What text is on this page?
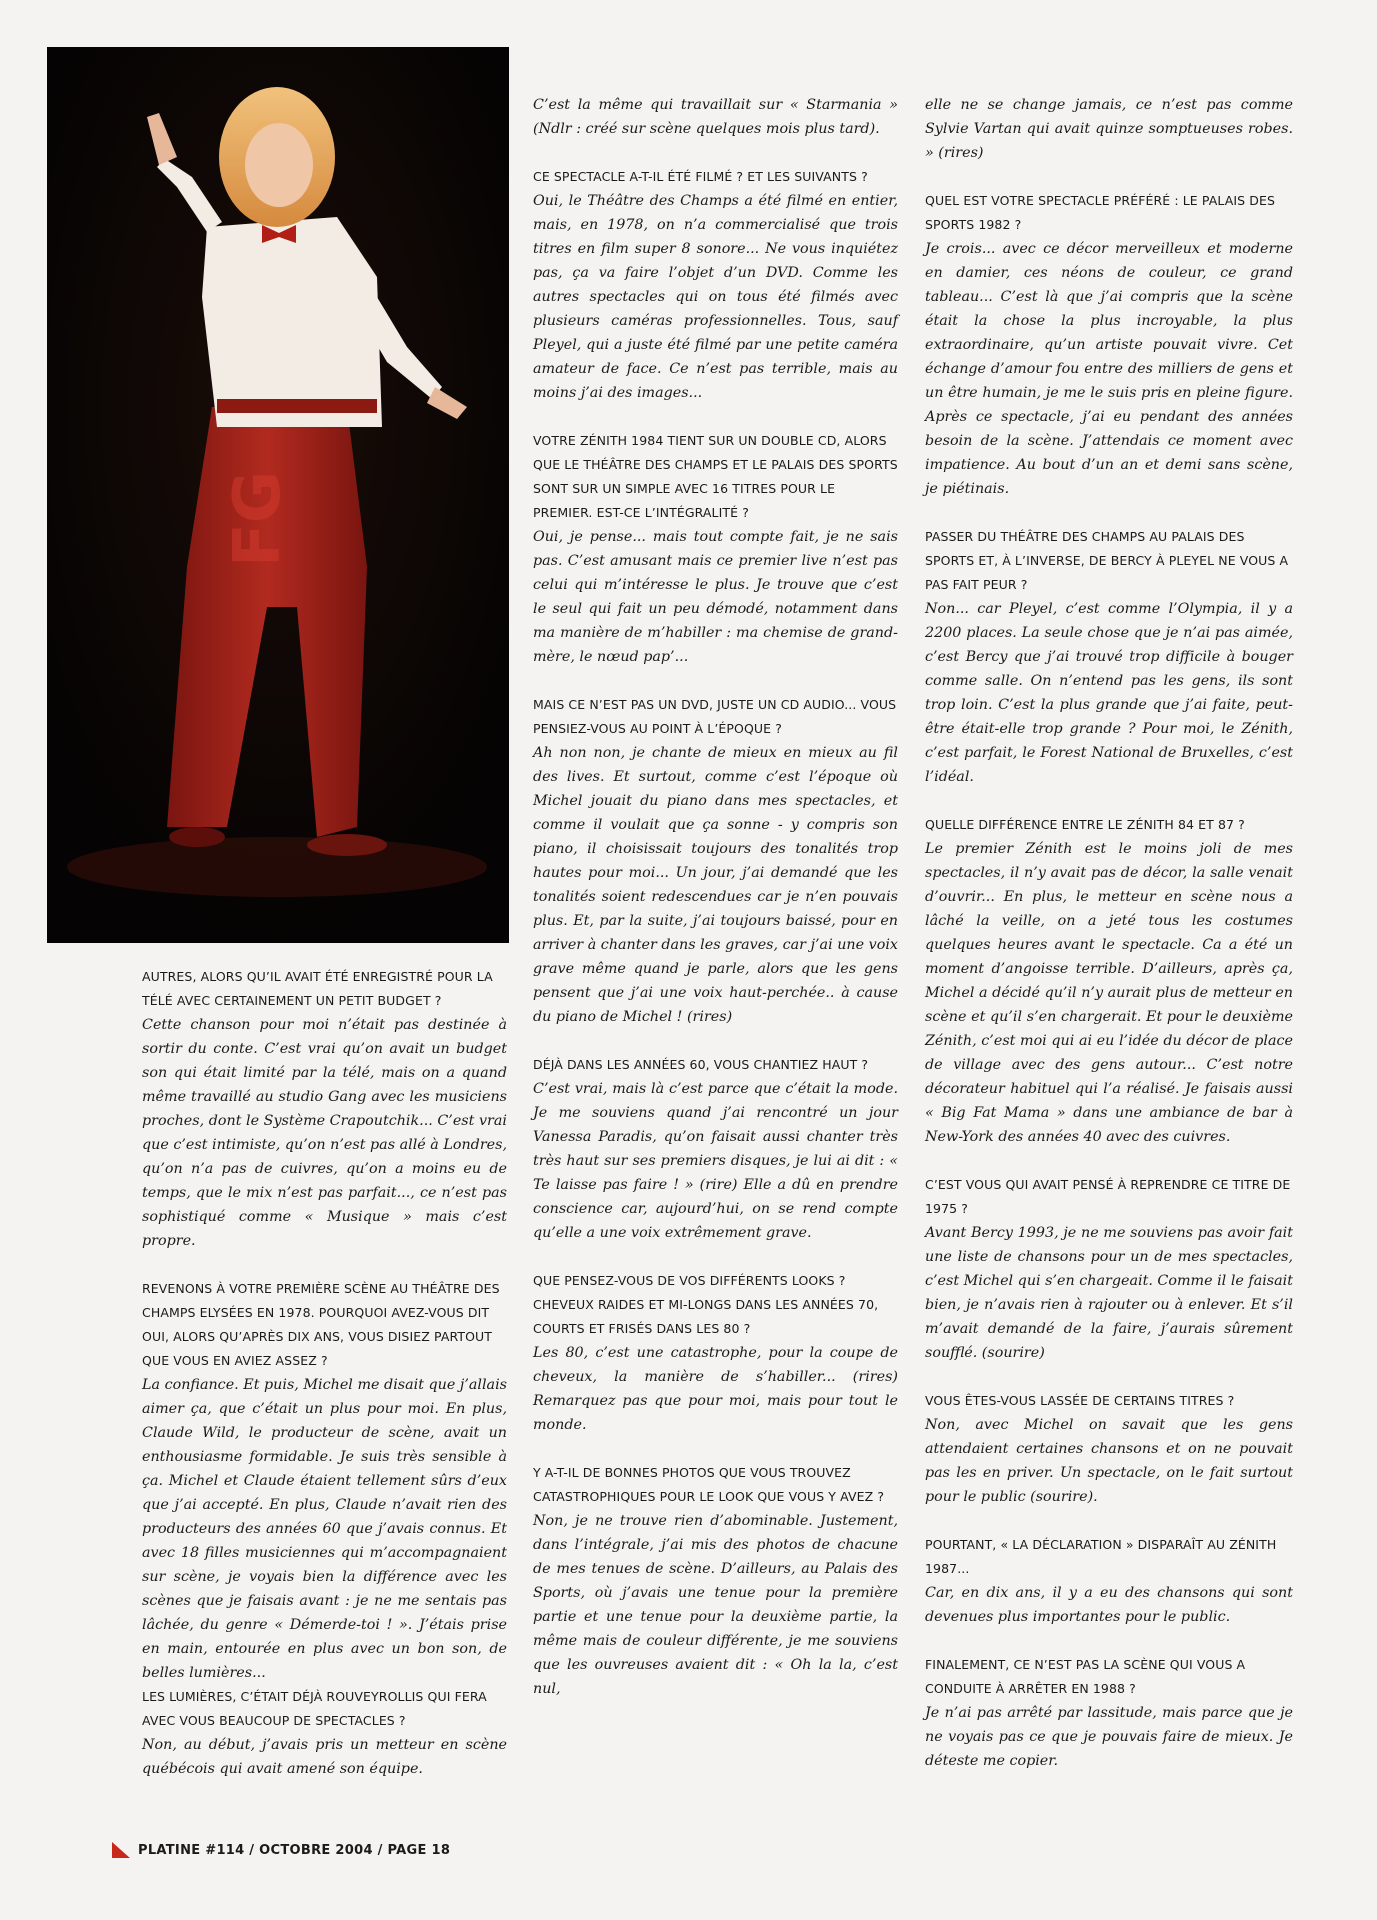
FG

AUTRES, ALORS QU’IL AVAIT ÉTÉ ENREGISTRÉ POUR LA TÉLÉ AVEC CERTAINEMENT UN PETIT BUDGET ?

Cette chanson pour moi n’était pas destinée à sortir du conte. C’est vrai qu’on avait un budget son qui était limité par la télé, mais on a quand même travaillé au studio Gang avec les musiciens proches, dont le Système Crapoutchik... C’est vrai que c’est intimiste, qu’on n’est pas allé à Londres, qu’on n’a pas de cuivres, qu’on a moins eu de temps, que le mix n’est pas parfait..., ce n’est pas sophistiqué comme « Musique » mais c’est propre.

REVENONS À VOTRE PREMIÈRE SCÈNE AU THÉÂTRE DES CHAMPS ELYSÉES EN 1978. POURQUOI AVEZ-VOUS DIT OUI, ALORS QU’APRÈS DIX ANS, VOUS DISIEZ PARTOUT QUE VOUS EN AVIEZ ASSEZ ?

La confiance. Et puis, Michel me disait que j’allais aimer ça, que c’était un plus pour moi. En plus, Claude Wild, le producteur de scène, avait un enthousiasme formidable. Je suis très sensible à ça. Michel et Claude étaient tellement sûrs d’eux que j’ai accepté. En plus, Claude n’avait rien des producteurs des années 60 que j’avais connus. Et avec 18 filles musiciennes qui m’accompagnaient sur scène, je voyais bien la différence avec les scènes que je faisais avant : je ne me sentais pas lâchée, du genre « Démerde-toi ! ». J’étais prise en main, entourée en plus avec un bon son, de belles lumières...

LES LUMIÈRES, C’ÉTAIT DÉJÀ ROUVEYROLLIS QUI FERA AVEC VOUS BEAUCOUP DE SPECTACLES ?

Non, au début, j’avais pris un metteur en scène québécois qui avait amené son équipe.

C’est la même qui travaillait sur « Starmania » (Ndlr : créé sur scène quelques mois plus tard).

CE SPECTACLE A-T-IL ÉTÉ FILMÉ ? ET LES SUIVANTS ?

Oui, le Théâtre des Champs a été filmé en entier, mais, en 1978, on n’a commercialisé que trois titres en film super 8 sonore... Ne vous inquiétez pas, ça va faire l’objet d’un DVD. Comme les autres spectacles qui on tous été filmés avec plusieurs caméras professionnelles. Tous, sauf Pleyel, qui a juste été filmé par une petite caméra amateur de face. Ce n’est pas terrible, mais au moins j’ai des images...

VOTRE ZÉNITH 1984 TIENT SUR UN DOUBLE CD, ALORS QUE LE THÉÂTRE DES CHAMPS ET LE PALAIS DES SPORTS SONT SUR UN SIMPLE AVEC 16 TITRES POUR LE PREMIER. EST-CE L’INTÉGRALITÉ ?

Oui, je pense... mais tout compte fait, je ne sais pas. C’est amusant mais ce premier live n’est pas celui qui m’intéresse le plus. Je trouve que c’est le seul qui fait un peu démodé, notamment dans ma manière de m’habiller : ma chemise de grand-mère, le nœud pap’...

MAIS CE N’EST PAS UN DVD, JUSTE UN CD AUDIO... VOUS PENSIEZ-VOUS AU POINT À L’ÉPOQUE ?

Ah non non, je chante de mieux en mieux au fil des lives. Et surtout, comme c’est l’époque où Michel jouait du piano dans mes spectacles, et comme il voulait que ça sonne - y compris son piano, il choisissait toujours des tonalités trop hautes pour moi... Un jour, j’ai demandé que les tonalités soient redescendues car je n’en pouvais plus. Et, par la suite, j’ai toujours baissé, pour en arriver à chanter dans les graves, car j’ai une voix grave même quand je parle, alors que les gens pensent que j’ai une voix haut-perchée.. à cause du piano de Michel ! (rires)

DÉJÀ DANS LES ANNÉES 60, VOUS CHANTIEZ HAUT ?

C’est vrai, mais là c’est parce que c’était la mode. Je me souviens quand j’ai rencontré un jour Vanessa Paradis, qu’on faisait aussi chanter très très haut sur ses premiers disques, je lui ai dit : « Te laisse pas faire ! » (rire) Elle a dû en prendre conscience car, aujourd’hui, on se rend compte qu’elle a une voix extrêmement grave.

QUE PENSEZ-VOUS DE VOS DIFFÉRENTS LOOKS ? CHEVEUX RAIDES ET MI-LONGS DANS LES ANNÉES 70, COURTS ET FRISÉS DANS LES 80 ?

Les 80, c’est une catastrophe, pour la coupe de cheveux, la manière de s’habiller... (rires) Remarquez pas que pour moi, mais pour tout le monde.

Y A-T-IL DE BONNES PHOTOS QUE VOUS TROUVEZ CATASTROPHIQUES POUR LE LOOK QUE VOUS Y AVEZ ?

Non, je ne trouve rien d’abominable. Justement, dans l’intégrale, j’ai mis des photos de chacune de mes tenues de scène. D’ailleurs, au Palais des Sports, où j’avais une tenue pour la première partie et une tenue pour la deuxième partie, la même mais de couleur différente, je me souviens que les ouvreuses avaient dit : « Oh la la, c’est nul,

elle ne se change jamais, ce n’est pas comme Sylvie Vartan qui avait quinze somptueuses robes. » (rires)

QUEL EST VOTRE SPECTACLE PRÉFÉRÉ : LE PALAIS DES SPORTS 1982 ?

Je crois... avec ce décor merveilleux et moderne en damier, ces néons de couleur, ce grand tableau... C’est là que j’ai compris que la scène était la chose la plus incroyable, la plus extraordinaire, qu’un artiste pouvait vivre. Cet échange d’amour fou entre des milliers de gens et un être humain, je me le suis pris en pleine figure. Après ce spectacle, j’ai eu pendant des années besoin de la scène. J’attendais ce moment avec impatience. Au bout d’un an et demi sans scène, je piétinais.

PASSER DU THÉÂTRE DES CHAMPS AU PALAIS DES SPORTS ET, À L’INVERSE, DE BERCY À PLEYEL NE VOUS A PAS FAIT PEUR ?

Non... car Pleyel, c’est comme l’Olympia, il y a 2200 places. La seule chose que je n’ai pas aimée, c’est Bercy que j’ai trouvé trop difficile à bouger comme salle. On n’entend pas les gens, ils sont trop loin. C’est la plus grande que j’ai faite, peut-être était-elle trop grande ? Pour moi, le Zénith, c’est parfait, le Forest National de Bruxelles, c’est l’idéal.

QUELLE DIFFÉRENCE ENTRE LE ZÉNITH 84 ET 87 ?

Le premier Zénith est le moins joli de mes spectacles, il n’y avait pas de décor, la salle venait d’ouvrir... En plus, le metteur en scène nous a lâché la veille, on a jeté tous les costumes quelques heures avant le spectacle. Ca a été un moment d’angoisse terrible. D’ailleurs, après ça, Michel a décidé qu’il n’y aurait plus de metteur en scène et qu’il s’en chargerait. Et pour le deuxième Zénith, c’est moi qui ai eu l’idée du décor de place de village avec des gens autour... C’est notre décorateur habituel qui l’a réalisé. Je faisais aussi « Big Fat Mama » dans une ambiance de bar à New-York des années 40 avec des cuivres.

C’EST VOUS QUI AVAIT PENSÉ À REPRENDRE CE TITRE DE 1975 ?

Avant Bercy 1993, je ne me souviens pas avoir fait une liste de chansons pour un de mes spectacles, c’est Michel qui s’en chargeait. Comme il le faisait bien, je n’avais rien à rajouter ou à enlever. Et s’il m’avait demandé de la faire, j’aurais sûrement soufflé. (sourire)

VOUS ÊTES-VOUS LASSÉE DE CERTAINS TITRES ?

Non, avec Michel on savait que les gens attendaient certaines chansons et on ne pouvait pas les en priver. Un spectacle, on le fait surtout pour le public (sourire).

POURTANT, « LA DÉCLARATION » DISPARAÎT AU ZÉNITH 1987...

Car, en dix ans, il y a eu des chansons qui sont devenues plus importantes pour le public.

FINALEMENT, CE N’EST PAS LA SCÈNE QUI VOUS A CONDUITE À ARRÊTER EN 1988 ?

Je n’ai pas arrêté par lassitude, mais parce que je ne voyais pas ce que je pouvais faire de mieux. Je déteste me copier.

PLATINE #114 / OCTOBRE 2004 / PAGE 18
